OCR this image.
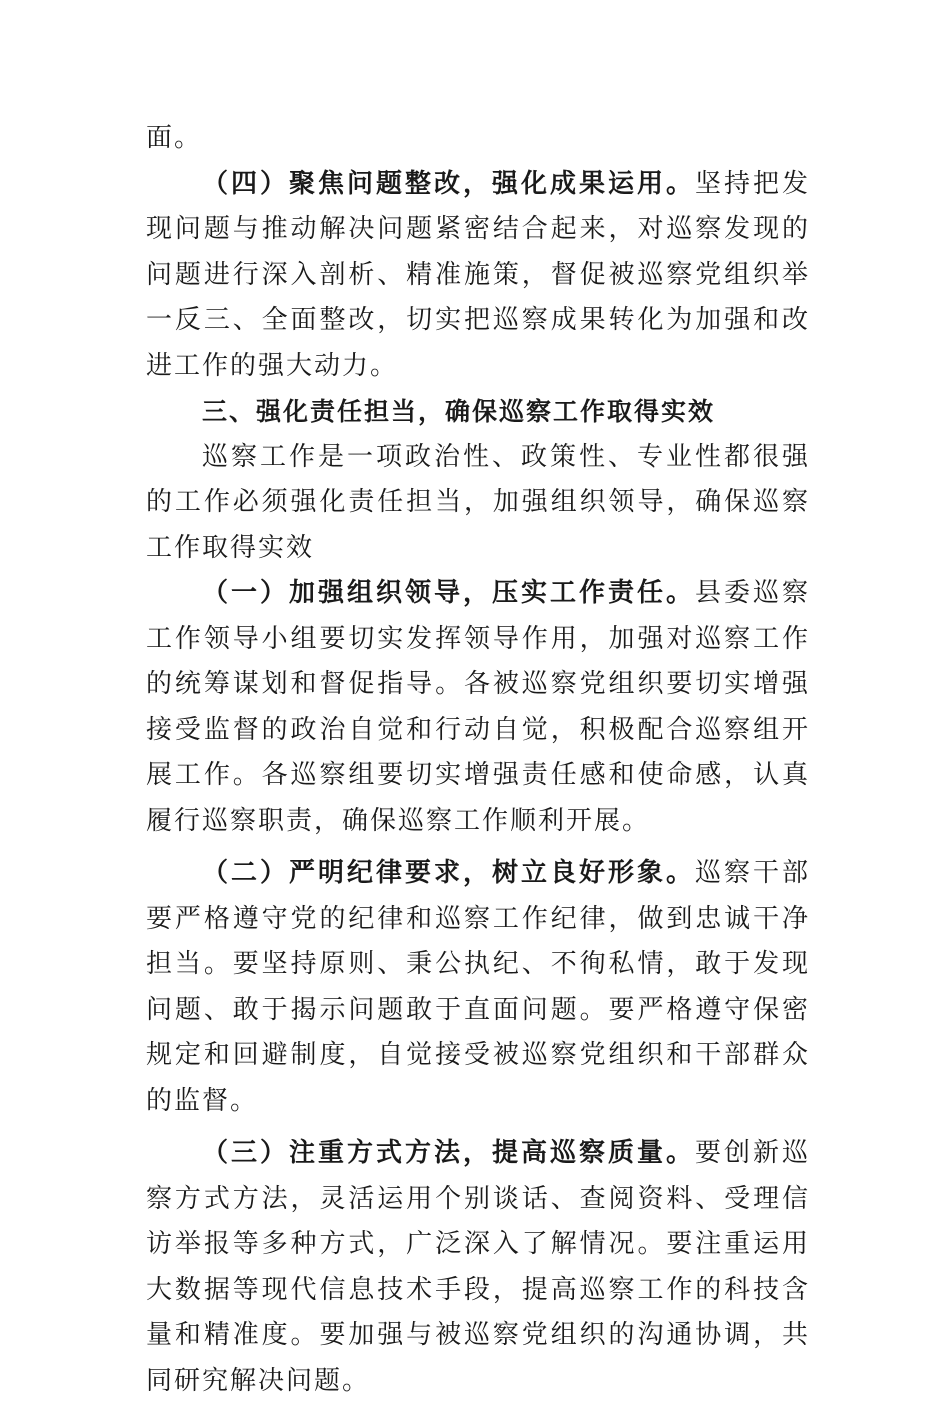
面。

（四）聚焦问题整改，强化成果运用。坚持把发现问题与推动解决问题紧密结合起来，对巡察发现的问题进行深入剖析、精准施策，督促被巡察党组织举一反三、全面整改，切实把巡察成果转化为加强和改进工作的强大动力。

三、强化责任担当，确保巡察工作取得实效

巡察工作是一项政治性、政策性、专业性都很强的工作必须强化责任担当，加强组织领导，确保巡察工作取得实效

（一）加强组织领导，压实工作责任。县委巡察工作领导小组要切实发挥领导作用，加强对巡察工作的统筹谋划和督促指导。各被巡察党组织要切实增强接受监督的政治自觉和行动自觉，积极配合巡察组开展工作。各巡察组要切实增强责任感和使命感，认真履行巡察职责，确保巡察工作顺利开展。

（二）严明纪律要求，树立良好形象。巡察干部要严格遵守党的纪律和巡察工作纪律，做到忠诚干净担当。要坚持原则、秉公执纪、不徇私情，敢于发现问题、敢于揭示问题敢于直面问题。要严格遵守保密规定和回避制度，自觉接受被巡察党组织和干部群众的监督。

（三）注重方式方法，提高巡察质量。要创新巡察方式方法，灵活运用个别谈话、查阅资料、受理信访举报等多种方式，广泛深入了解情况。要注重运用大数据等现代信息技术手段，提高巡察工作的科技含量和精准度。要加强与被巡察党组织的沟通协调，共同研究解决问题。
